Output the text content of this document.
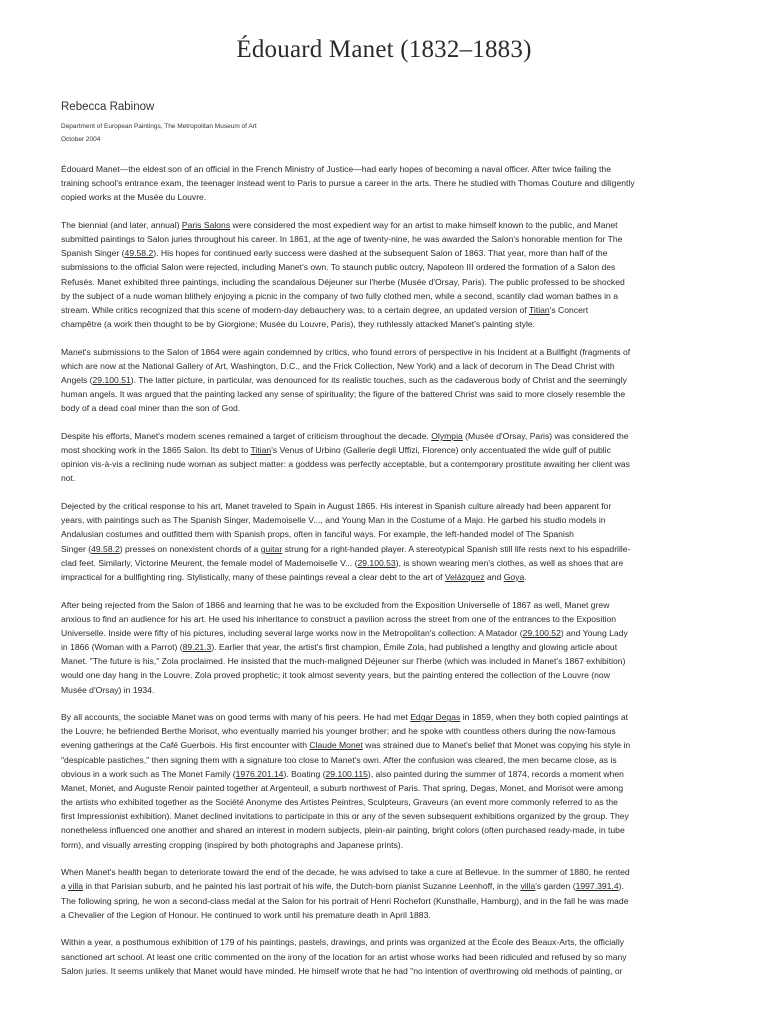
Édouard Manet (1832–1883)
Rebecca Rabinow
Department of European Paintings, The Metropolitan Museum of Art
October 2004

Édouard Manet—the eldest son of an official in the French Ministry of Justice—had early hopes of becoming a naval officer. After twice failing the
training school's entrance exam, the teenager instead went to Paris to pursue a career in the arts. There he studied with Thomas Couture and diligently
copied works at the Musée du Louvre.

The biennial (and later, annual) Paris Salons were considered the most expedient way for an artist to make himself known to the public, and Manet
submitted paintings to Salon juries throughout his career. In 1861, at the age of twenty-nine, he was awarded the Salon's honorable mention for The
Spanish Singer (49.58.2). His hopes for continued early success were dashed at the subsequent Salon of 1863. That year, more than half of the
submissions to the official Salon were rejected, including Manet's own. To staunch public outcry, Napoleon III ordered the formation of a Salon des
Refusés. Manet exhibited three paintings, including the scandalous Déjeuner sur l'herbe (Musée d'Orsay, Paris). The public professed to be shocked
by the subject of a nude woman blithely enjoying a picnic in the company of two fully clothed men, while a second, scantily clad woman bathes in a
stream. While critics recognized that this scene of modern-day debauchery was, to a certain degree, an updated version of Titian's Concert
champêtre (a work then thought to be by Giorgione; Musée du Louvre, Paris), they ruthlessly attacked Manet's painting style.

Manet's submissions to the Salon of 1864 were again condemned by critics, who found errors of perspective in his Incident at a Bullfight (fragments of
which are now at the National Gallery of Art, Washington, D.C., and the Frick Collection, New York) and a lack of decorum in The Dead Christ with
Angels (29.100.51). The latter picture, in particular, was denounced for its realistic touches, such as the cadaverous body of Christ and the seemingly
human angels. It was argued that the painting lacked any sense of spirituality; the figure of the battered Christ was said to more closely resemble the
body of a dead coal miner than the son of God.

Despite his efforts, Manet's modern scenes remained a target of criticism throughout the decade. Olympia (Musée d'Orsay, Paris) was considered the
most shocking work in the 1865 Salon. Its debt to Titian's Venus of Urbino (Gallerie degli Uffizi, Florence) only accentuated the wide gulf of public
opinion vis-à-vis a reclining nude woman as subject matter: a goddess was perfectly acceptable, but a contemporary prostitute awaiting her client was
not.

Dejected by the critical response to his art, Manet traveled to Spain in August 1865. His interest in Spanish culture already had been apparent for
years, with paintings such as The Spanish Singer, Mademoiselle V..., and Young Man in the Costume of a Majo. He garbed his studio models in
Andalusian costumes and outfitted them with Spanish props, often in fanciful ways. For example, the left-handed model of The Spanish
Singer (49.58.2) presses on nonexistent chords of a guitar strung for a right-handed player. A stereotypical Spanish still life rests next to his espadrille-
clad feet. Similarly, Victorine Meurent, the female model of Mademoiselle V... (29.100.53), is shown wearing men's clothes, as well as shoes that are
impractical for a bullfighting ring. Stylistically, many of these paintings reveal a clear debt to the art of Velázquez and Goya.

After being rejected from the Salon of 1866 and learning that he was to be excluded from the Exposition Universelle of 1867 as well, Manet grew
anxious to find an audience for his art. He used his inheritance to construct a pavilion across the street from one of the entrances to the Exposition
Universelle. Inside were fifty of his pictures, including several large works now in the Metropolitan's collection: A Matador (29.100.52) and Young Lady
in 1866 (Woman with a Parrot) (89.21.3). Earlier that year, the artist's first champion, Émile Zola, had published a lengthy and glowing article about
Manet. "The future is his," Zola proclaimed. He insisted that the much-maligned Déjeuner sur l'herbe (which was included in Manet's 1867 exhibition)
would one day hang in the Louvre. Zola proved prophetic; it took almost seventy years, but the painting entered the collection of the Louvre (now
Musée d'Orsay) in 1934.

By all accounts, the sociable Manet was on good terms with many of his peers. He had met Edgar Degas in 1859, when they both copied paintings at
the Louvre; he befriended Berthe Morisot, who eventually married his younger brother; and he spoke with countless others during the now-famous
evening gatherings at the Café Guerbois. His first encounter with Claude Monet was strained due to Manet's belief that Monet was copying his style in
"despicable pastiches," then signing them with a signature too close to Manet's own. After the confusion was cleared, the men became close, as is
obvious in a work such as The Monet Family (1976.201.14). Boating (29.100.115), also painted during the summer of 1874, records a moment when
Manet, Monet, and Auguste Renoir painted together at Argenteuil, a suburb northwest of Paris. That spring, Degas, Monet, and Morisot were among
the artists who exhibited together as the Société Anonyme des Artistes Peintres, Sculpteurs, Graveurs (an event more commonly referred to as the
first Impressionist exhibition). Manet declined invitations to participate in this or any of the seven subsequent exhibitions organized by the group. They
nonetheless influenced one another and shared an interest in modern subjects, plein-air painting, bright colors (often purchased ready-made, in tube
form), and visually arresting cropping (inspired by both photographs and Japanese prints).

When Manet's health began to deteriorate toward the end of the decade, he was advised to take a cure at Bellevue. In the summer of 1880, he rented
a villa in that Parisian suburb, and he painted his last portrait of his wife, the Dutch-born pianist Suzanne Leenhoff, in the villa's garden (1997.391.4).
The following spring, he won a second-class medal at the Salon for his portrait of Henri Rochefort (Kunsthalle, Hamburg), and in the fall he was made
a Chevalier of the Legion of Honour. He continued to work until his premature death in April 1883.

Within a year, a posthumous exhibition of 179 of his paintings, pastels, drawings, and prints was organized at the École des Beaux-Arts, the officially
sanctioned art school. At least one critic commented on the irony of the location for an artist whose works had been ridiculed and refused by so many
Salon juries. It seems unlikely that Manet would have minded. He himself wrote that he had "no intention of overthrowing old methods of painting, or
